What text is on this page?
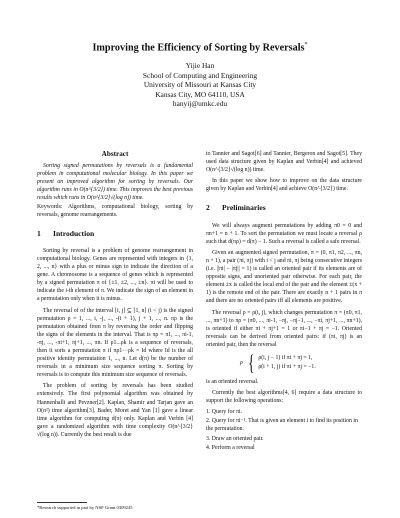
Improving the Efficiency of Sorting by Reversals*
Yijie Han
School of Computing and Engineering
University of Missouri at Kansas City
Kansas City, MO 64110, USA
hanyij@umkc.edu
Abstract
Sorting signed permutations by reversals is a fundamental problem in computational molecular biology. In this paper we present an improved algorithm for sorting by reversals. Our algorithm runs in O(n^{3/2}) time. This improves the best previous results which runs in O(n^{3/2}√(log n)) time.
Keywords: Algorithms, computational biology, sorting by reversals, genome rearrangements.
1 Introduction

Sorting by reversal is a problem of genome rearrangement in computational biology. Genes are represented with integers in {1, 2, ..., n} with a plus or minus sign to indicate the direction of a gene. A chromosome is a sequence of genes which is represented by a signed permutation π of {±1, ±2, ..., ±n}. πi will be used to indicate the i-th element of π. We indicate the sign of an element in a permutation only when it is minus.

The reversal of of the interval [i, j] ⊆ [1, n] (i < j) is the signed permutation ρ = 1, ..., i, -j, ..., -(i + 1), j + 1, ..., n. πρ is the permutation obtained from π by reversing the order and flipping the signs of the elements in the interval. That is πρ = π1, ..., πi-1, -πj, ..., -πi+1, πj+1, ..., πn. If ρ1...ρk is a sequence of reversals, then it sorts a permutation π if πρ1···ρk = Id where Id is the all positive identity permutation 1, ..., n. Let d(π) be the number of reversals in a minimum size sequence sorting π. Sorting by reversals is to compute this minimum size sequence of reversals.

The problem of sorting by reversals has been studied extensively. The first polynomial algorithm was obtained by Hannenhalli and Pevzner[2]. Kaplan, Shamir and Tarjan gave an O(n²) time algorithm[3]. Bader, Moret and Yan [1] gave a linear time algorithm for computing d(π) only. Kaplan and Verbin [4] gave a randomized algorithm with time complexity O(n^{3/2}√(log n)). Currently the best result is due

to Tannier and Sagot[6] and Tannier, Bergeron and Sagot[5]. They used data structure given by Kaplan and Verbin[4] and achieved O(n^{3/2}√(log n)) time.

In this paper we show how to improve on the data structure given by Kaplan and Verbin[4] and achieve O(n^{3/2}) time.

2 Preliminaries

We will always augment permutations by adding π0 = 0 and πn+1 = n + 1. To sort the permutation we must locate a reversal ρ such that d(πρ) = d(π) − 1. Such a reversal is called a safe reversal.

Given an augmented signed permutation, π = (0, π1, π2, ..., πn, n + 1), a pair (πi, πj) with i < j and πi, πj being consecutive integers (i.e. ||πi| − |πj|| = 1) is called an oriented pair if its elements are of opposite signs, and unoriented pair otherwise. For each pair, the element ±x is called the local end of the pair and the element ±(x + 1) is the remote end of the pair. There are exactly n + 1 pairs in π and there are no oriented pairs iff all elements are positive.

The reversal ρ = ρ(i, j), which changes permutation π = (π0, π1, ..., πn+1) to πρ = (π0, ..., πi-1, −πj, −πj−1, ..., −πi, πj+1, ..., πn+1), is oriented if either πi + πj+1 = 1 or πi−1 + πj = −1. Oriented reversals can be derived from oriented pairs: if (πi, πj) is an oriented pair, then the reversal

ρ { ρ(i, j − 1) if πi + πj = 1,
ρ(i + 1, j) if πi + πj = −1.

is an oriented reversal.

Currently the best algorithms[4, 6] require a data structure to support the following operations:

1. Query for πi.
2. Query for πi⁻¹. That is given an element i to find its position in the permutation.
3. Draw an oriented pair.
4. Perform a reversal
*Research supported in part by NSF Grant 0309245
